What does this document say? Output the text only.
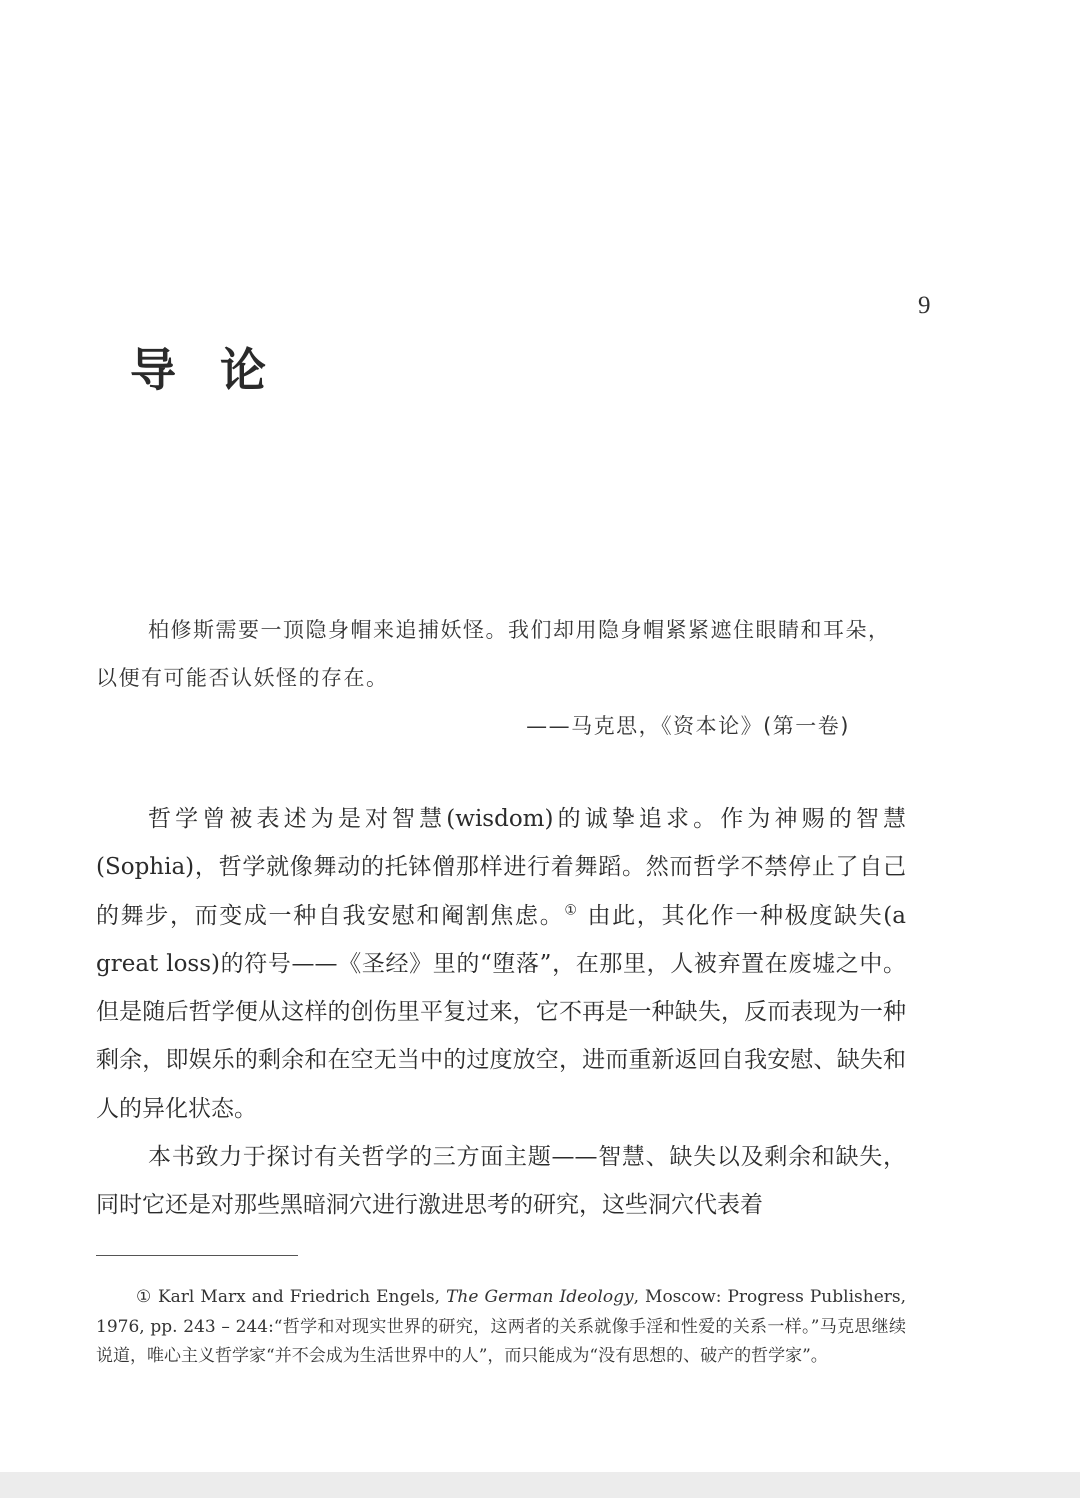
9
导论

柏修斯需要一顶隐身帽来追捕妖怪。我们却用隐身帽紧紧遮住眼睛和耳朵，以便有可能否认妖怪的存在。

——马克思，《资本论》(第一卷)

哲学曾被表述为是对智慧(wisdom)的诚挚追求。作为神赐的智慧(Sophia)，哲学就像舞动的托钵僧那样进行着舞蹈。然而哲学不禁停止了自己的舞步，而变成一种自我安慰和阉割焦虑。① 由此，其化作一种极度缺失(a great loss)的符号——《圣经》里的“堕落”，在那里，人被弃置在废墟之中。但是随后哲学便从这样的创伤里平复过来，它不再是一种缺失，反而表现为一种剩余，即娱乐的剩余和在空无当中的过度放空，进而重新返回自我安慰、缺失和人的异化状态。

本书致力于探讨有关哲学的三方面主题——智慧、缺失以及剩余和缺失，同时它还是对那些黑暗洞穴进行激进思考的研究，这些洞穴代表着

① Karl Marx and Friedrich Engels, The German Ideology, Moscow: Progress Publishers, 1976, pp. 243 – 244:“哲学和对现实世界的研究，这两者的关系就像手淫和性爱的关系一样。”马克思继续说道，唯心主义哲学家“并不会成为生活世界中的人”，而只能成为“没有思想的、破产的哲学家”。
